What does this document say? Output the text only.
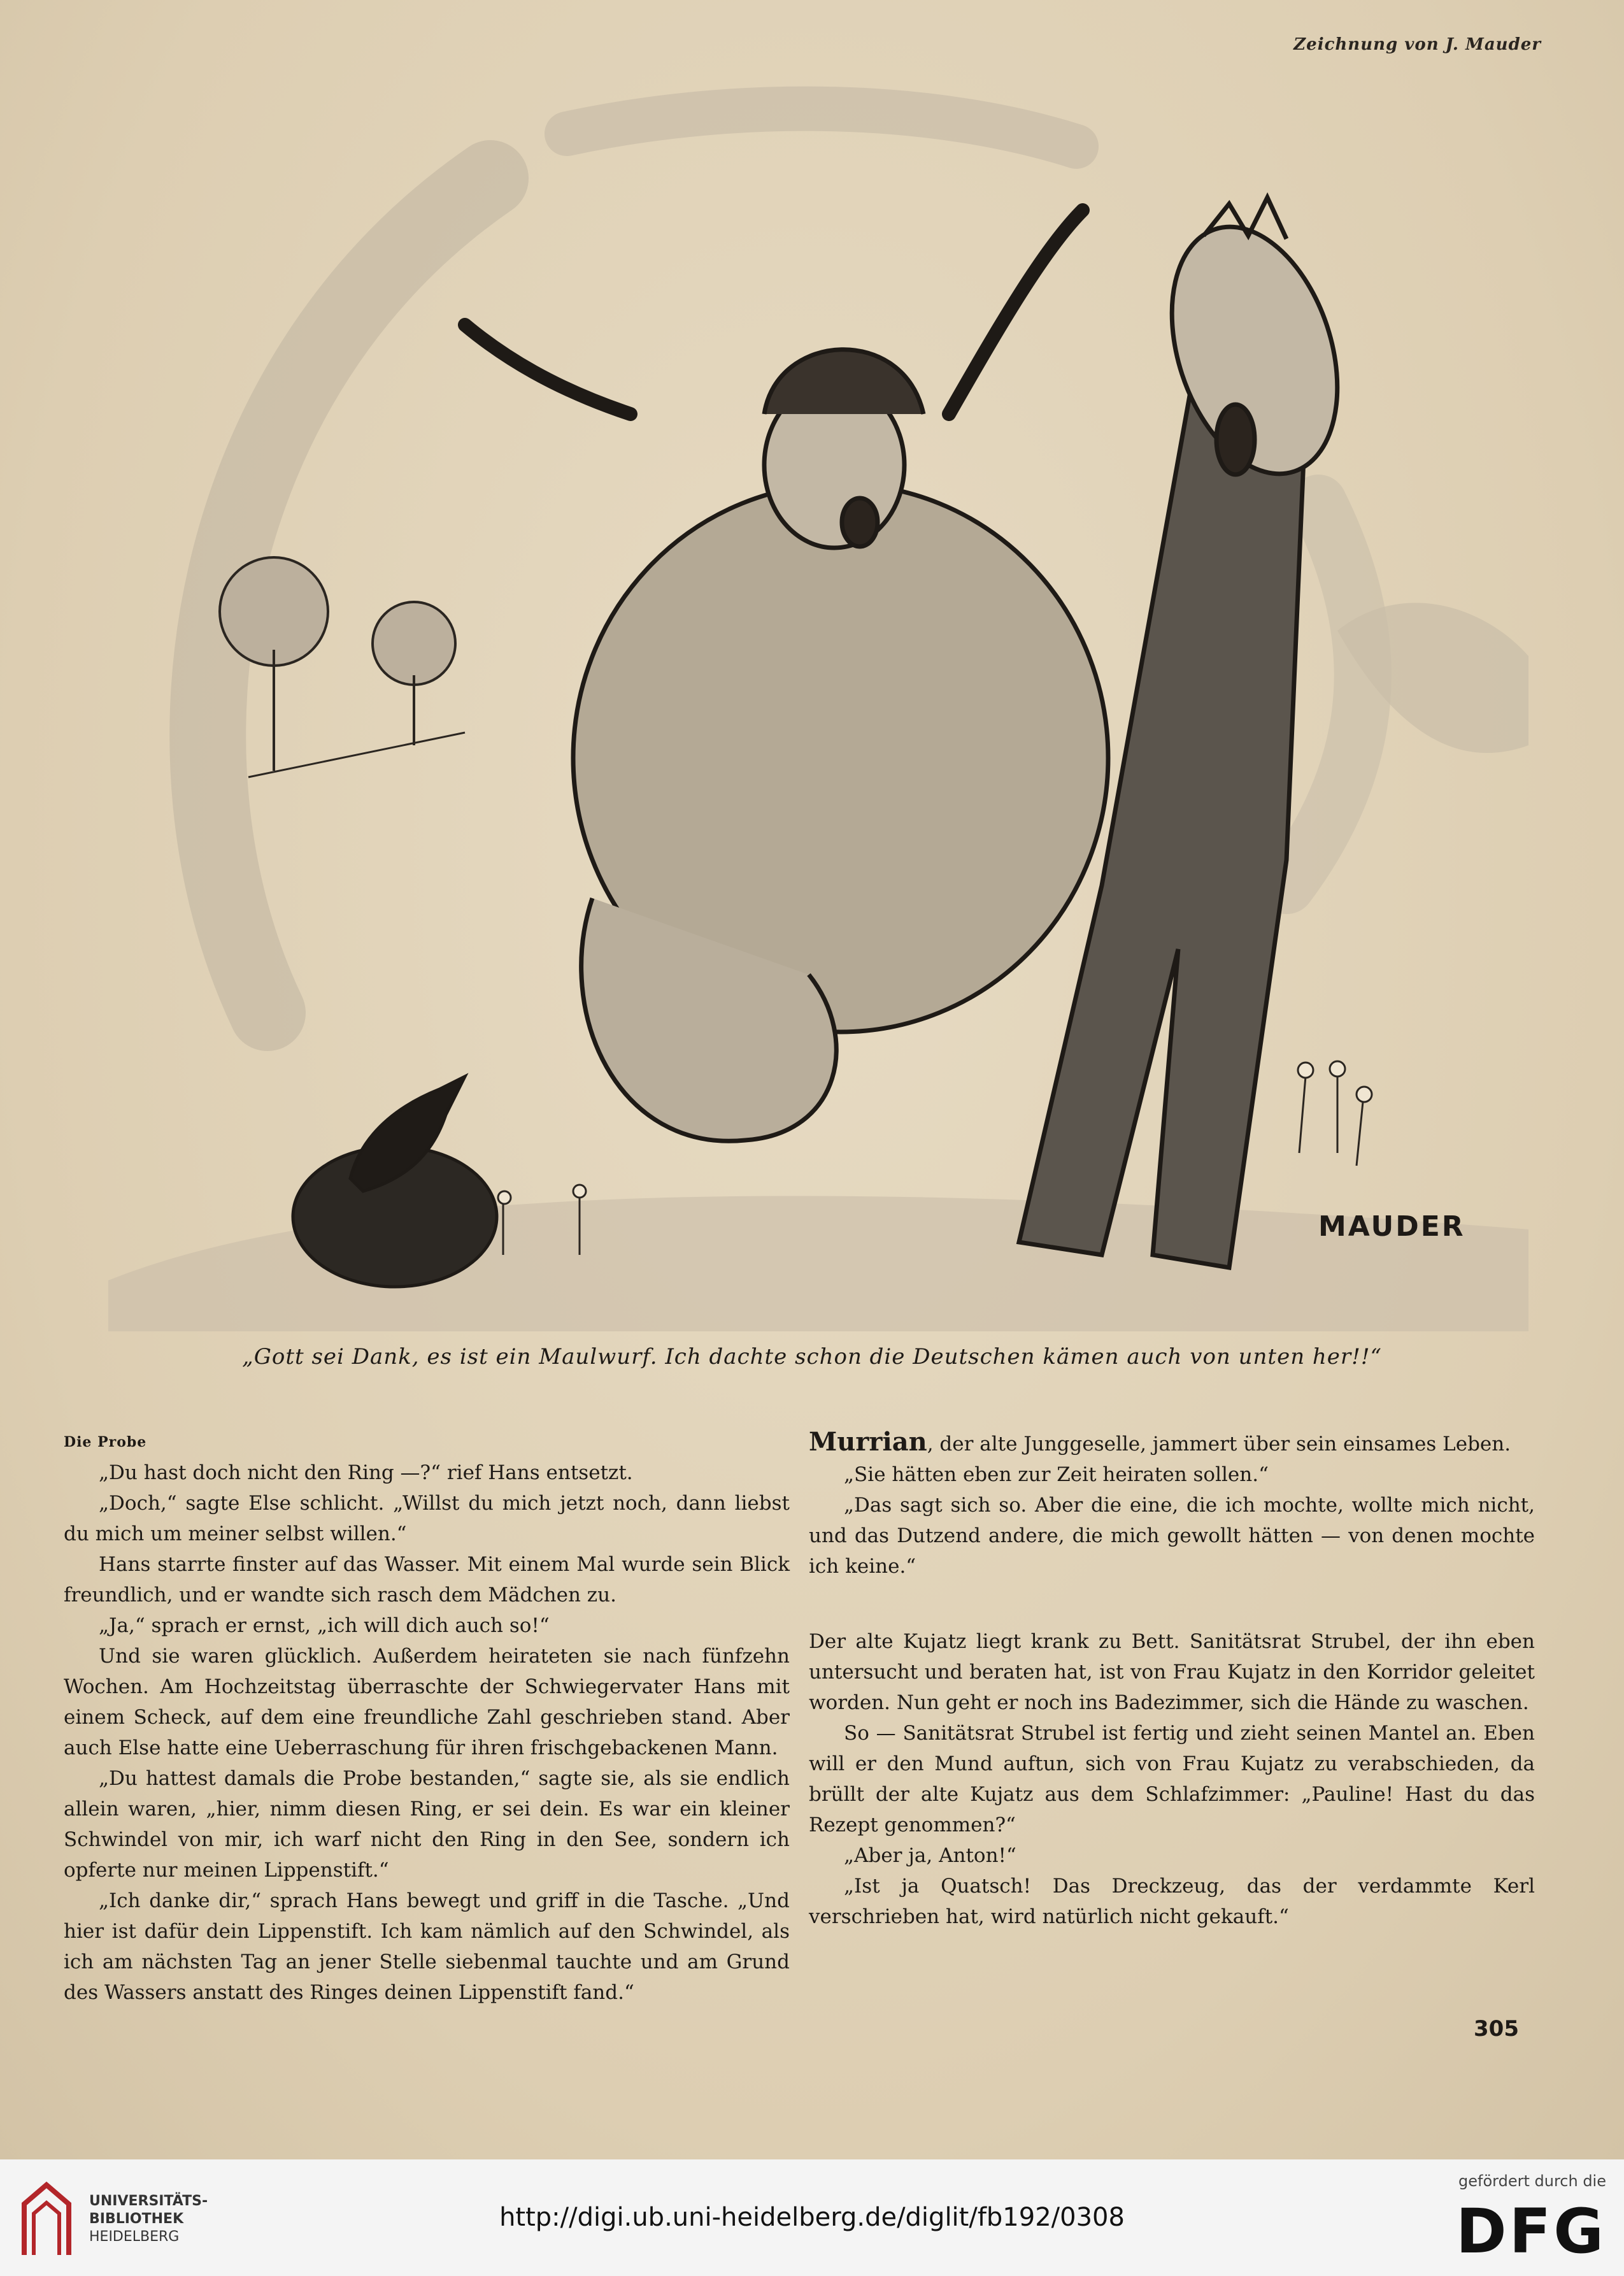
Zeichnung von J. Mauder
MAUDER
„Gott sei Dank, es ist ein Maulwurf. Ich dachte schon die Deutschen kämen auch von unten her!!“

Die Probe

„Du hast doch nicht den Ring —?“ rief Hans entsetzt.

„Doch,“ sagte Else schlicht. „Willst du mich jetzt noch, dann liebst du mich um meiner selbst willen.“

Hans starrte finster auf das Wasser. Mit einem Mal wurde sein Blick freundlich, und er wandte sich rasch dem Mädchen zu.

„Ja,“ sprach er ernst, „ich will dich auch so!“

Und sie waren glücklich. Außerdem heirateten sie nach fünfzehn Wochen. Am Hochzeitstag überraschte der Schwiegervater Hans mit einem Scheck, auf dem eine freundliche Zahl geschrieben stand. Aber auch Else hatte eine Ueberraschung für ihren frischgebackenen Mann.

„Du hattest damals die Probe bestanden,“ sagte sie, als sie endlich allein waren, „hier, nimm diesen Ring, er sei dein. Es war ein kleiner Schwindel von mir, ich warf nicht den Ring in den See, sondern ich opferte nur meinen Lippenstift.“

„Ich danke dir,“ sprach Hans bewegt und griff in die Tasche. „Und hier ist dafür dein Lippenstift. Ich kam nämlich auf den Schwindel, als ich am nächsten Tag an jener Stelle siebenmal tauchte und am Grund des Wassers anstatt des Ringes deinen Lippenstift fand.“

Murrian, der alte Junggeselle, jammert über sein einsames Leben.

„Sie hätten eben zur Zeit heiraten sollen.“

„Das sagt sich so. Aber die eine, die ich mochte, wollte mich nicht, und das Dutzend andere, die mich gewollt hätten — von denen mochte ich keine.“

Der alte Kujatz liegt krank zu Bett. Sanitätsrat Strubel, der ihn eben untersucht und beraten hat, ist von Frau Kujatz in den Korridor geleitet worden. Nun geht er noch ins Badezimmer, sich die Hände zu waschen.

So — Sanitätsrat Strubel ist fertig und zieht seinen Mantel an. Eben will er den Mund auftun, sich von Frau Kujatz zu verabschieden, da brüllt der alte Kujatz aus dem Schlafzimmer: „Pauline! Hast du das Rezept genommen?“

„Aber ja, Anton!“

„Ist ja Quatsch! Das Dreckzeug, das der verdammte Kerl verschrieben hat, wird natürlich nicht gekauft.“

305
UNIVERSITÄTS-
BIBLIOTHEK
HEIDELBERG
http://digi.ub.uni-heidelberg.de/diglit/fb192/0308
gefördert durch die
DFG
